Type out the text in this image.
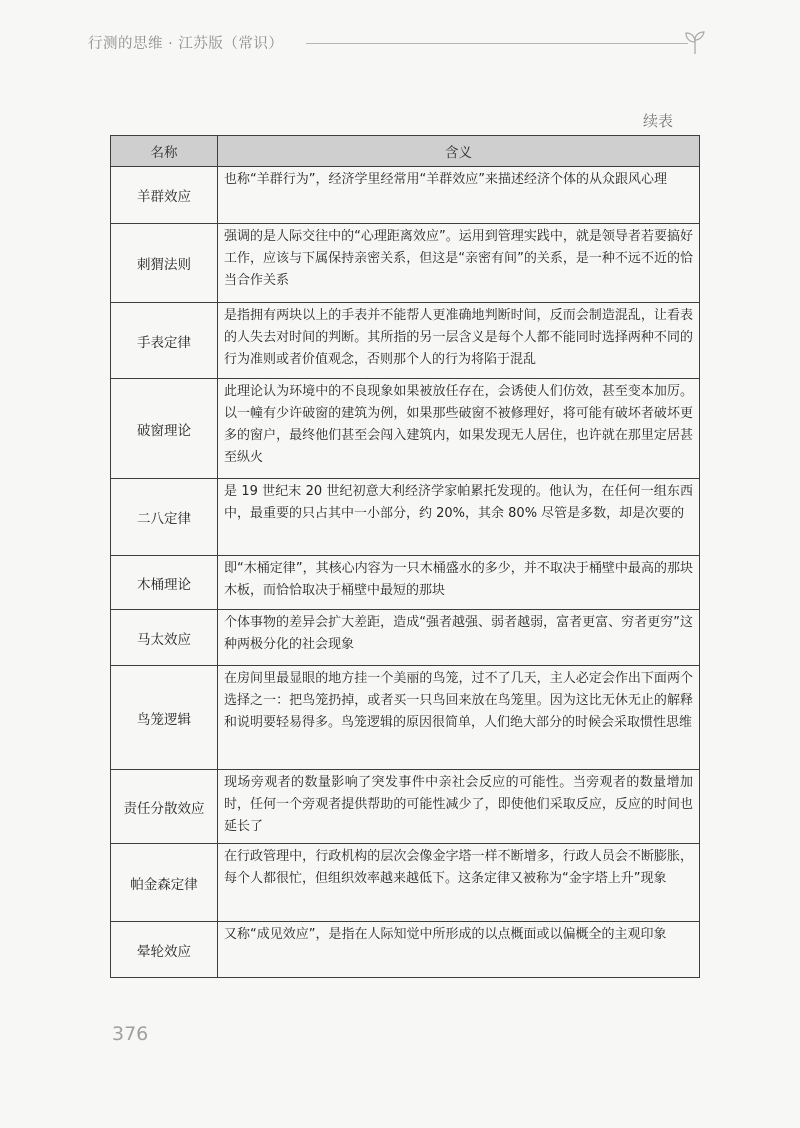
行测的思维 · 江苏版（常识）
续表
名称	含义
羊群效应	也称“羊群行为”，经济学里经常用“羊群效应”来描述经济个体的从众跟风心理
刺猬法则	强调的是人际交往中的“心理距离效应”。运用到管理实践中，就是领导者若要搞好工作，应该与下属保持亲密关系，但这是“亲密有间”的关系，是一种不远不近的恰当合作关系
手表定律	是指拥有两块以上的手表并不能帮人更准确地判断时间，反而会制造混乱，让看表的人失去对时间的判断。其所指的另一层含义是每个人都不能同时选择两种不同的行为准则或者价值观念，否则那个人的行为将陷于混乱
破窗理论	此理论认为环境中的不良现象如果被放任存在，会诱使人们仿效，甚至变本加厉。以一幢有少许破窗的建筑为例，如果那些破窗不被修理好，将可能有破坏者破坏更多的窗户，最终他们甚至会闯入建筑内，如果发现无人居住，也许就在那里定居甚至纵火
二八定律	是 19 世纪末 20 世纪初意大利经济学家帕累托发现的。他认为，在任何一组东西中，最重要的只占其中一小部分，约 20%，其余 80% 尽管是多数，却是次要的
木桶理论	即“木桶定律”，其核心内容为一只木桶盛水的多少，并不取决于桶壁中最高的那块木板，而恰恰取决于桶壁中最短的那块
马太效应	个体事物的差异会扩大差距，造成“强者越强、弱者越弱，富者更富、穷者更穷”这种两极分化的社会现象
鸟笼逻辑	在房间里最显眼的地方挂一个美丽的鸟笼，过不了几天，主人必定会作出下面两个选择之一：把鸟笼扔掉，或者买一只鸟回来放在鸟笼里。因为这比无休无止的解释和说明要轻易得多。鸟笼逻辑的原因很简单，人们绝大部分的时候会采取惯性思维
责任分散效应	现场旁观者的数量影响了突发事件中亲社会反应的可能性。当旁观者的数量增加时，任何一个旁观者提供帮助的可能性减少了，即使他们采取反应，反应的时间也延长了
帕金森定律	在行政管理中，行政机构的层次会像金字塔一样不断增多，行政人员会不断膨胀，每个人都很忙，但组织效率越来越低下。这条定律又被称为“金字塔上升”现象
晕轮效应	又称“成见效应”，是指在人际知觉中所形成的以点概面或以偏概全的主观印象
376
